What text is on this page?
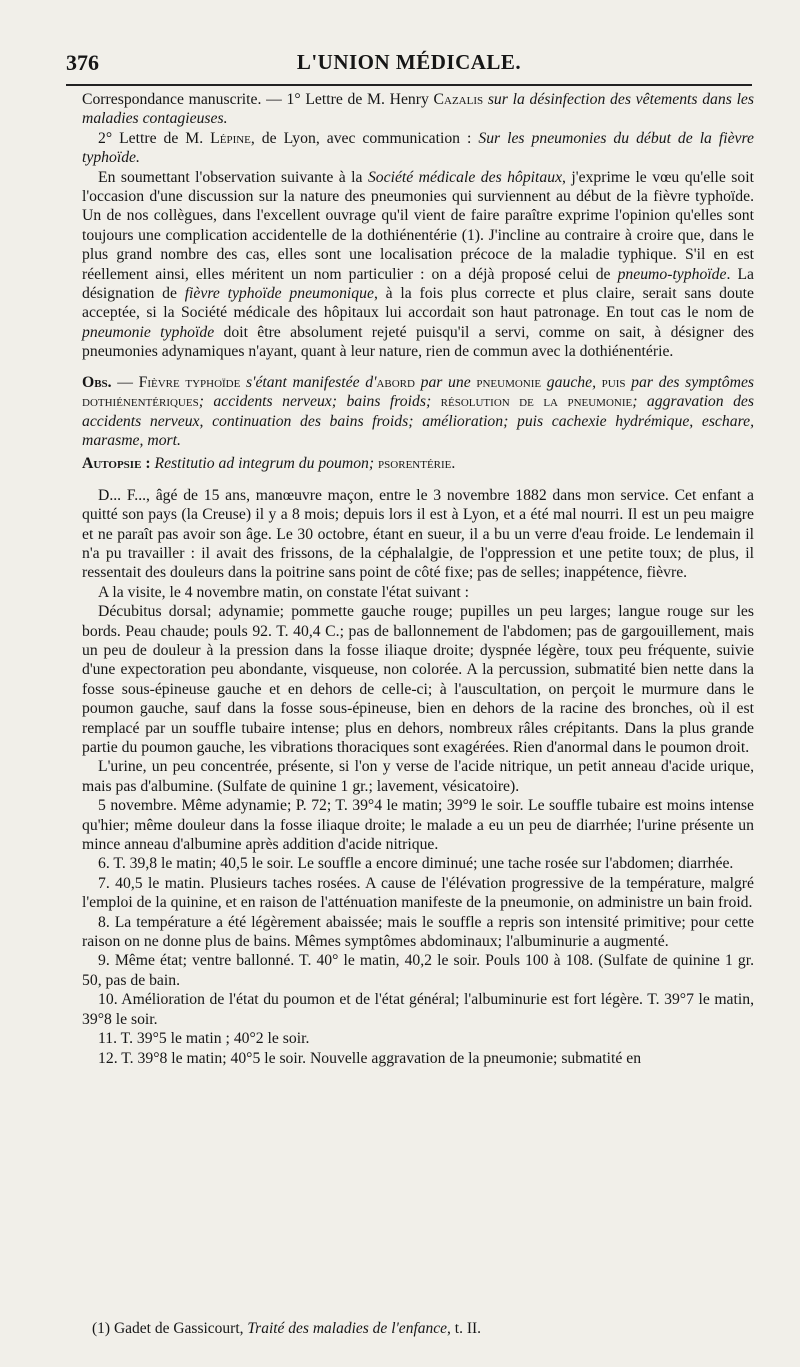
376	L'UNION MÉDICALE.

Correspondance manuscrite. — 1° Lettre de M. Henry Cazalis sur la désinfection des vêtements dans les maladies contagieuses.

2° Lettre de M. Lépine, de Lyon, avec communication : Sur les pneumonies du début de la fièvre typhoïde.

En soumettant l'observation suivante à la Société médicale des hôpitaux, j'exprime le vœu qu'elle soit l'occasion d'une discussion sur la nature des pneumonies qui surviennent au début de la fièvre typhoïde. Un de nos collègues, dans l'excellent ouvrage qu'il vient de faire paraître exprime l'opinion qu'elles sont toujours une complication accidentelle de la dothiénentérie (1). J'incline au contraire à croire que, dans le plus grand nombre des cas, elles sont une localisation précoce de la maladie typhique. S'il en est réellement ainsi, elles méritent un nom particulier : on a déjà proposé celui de pneumo-typhoïde. La désignation de fièvre typhoïde pneumonique, à la fois plus correcte et plus claire, serait sans doute acceptée, si la Société médicale des hôpitaux lui accordait son haut patronage. En tout cas le nom de pneumonie typhoïde doit être absolument rejeté puisqu'il a servi, comme on sait, à désigner des pneumonies adynamiques n'ayant, quant à leur nature, rien de commun avec la dothiénentérie.

Obs. — Fièvre typhoïde s'étant manifestée d'abord par une pneumonie gauche, puis par des symptômes dothiénentériques; accidents nerveux; bains froids; résolution de la pneumonie; aggravation des accidents nerveux, continuation des bains froids; amélioration; puis cachexie hydrémique, eschare, marasme, mort.

Autopsie : Restitutio ad integrum du poumon; psorentérie.

D... F..., âgé de 15 ans, manœuvre maçon, entre le 3 novembre 1882 dans mon service. Cet enfant a quitté son pays (la Creuse) il y a 8 mois; depuis lors il est à Lyon, et a été mal nourri. Il est un peu maigre et ne paraît pas avoir son âge. Le 30 octobre, étant en sueur, il a bu un verre d'eau froide. Le lendemain il n'a pu travailler : il avait des frissons, de la céphalalgie, de l'oppression et une petite toux; de plus, il ressentait des douleurs dans la poitrine sans point de côté fixe; pas de selles; inappétence, fièvre.

A la visite, le 4 novembre matin, on constate l'état suivant :

Décubitus dorsal; adynamie; pommette gauche rouge; pupilles un peu larges; langue rouge sur les bords. Peau chaude; pouls 92. T. 40,4 C.; pas de ballonnement de l'abdomen; pas de gargouillement, mais un peu de douleur à la pression dans la fosse iliaque droite; dyspnée légère, toux peu fréquente, suivie d'une expectoration peu abondante, visqueuse, non colorée. A la percussion, submatité bien nette dans la fosse sous-épineuse gauche et en dehors de celle-ci; à l'auscultation, on perçoit le murmure dans le poumon gauche, sauf dans la fosse sous-épineuse, bien en dehors de la racine des bronches, où il est remplacé par un souffle tubaire intense; plus en dehors, nombreux râles crépitants. Dans la plus grande partie du poumon gauche, les vibrations thoraciques sont exagérées. Rien d'anormal dans le poumon droit.

L'urine, un peu concentrée, présente, si l'on y verse de l'acide nitrique, un petit anneau d'acide urique, mais pas d'albumine. (Sulfate de quinine 1 gr.; lavement, vésicatoire).

5 novembre. Même adynamie; P. 72; T. 39°4 le matin; 39°9 le soir. Le souffle tubaire est moins intense qu'hier; même douleur dans la fosse iliaque droite; le malade a eu un peu de diarrhée; l'urine présente un mince anneau d'albumine après addition d'acide nitrique.

6. T. 39,8 le matin; 40,5 le soir. Le souffle a encore diminué; une tache rosée sur l'abdomen; diarrhée.

7. 40,5 le matin. Plusieurs taches rosées. A cause de l'élévation progressive de la température, malgré l'emploi de la quinine, et en raison de l'atténuation manifeste de la pneumonie, on administre un bain froid.

8. La température a été légèrement abaissée; mais le souffle a repris son intensité primitive; pour cette raison on ne donne plus de bains. Mêmes symptômes abdominaux; l'albuminurie a augmenté.

9. Même état; ventre ballonné. T. 40° le matin, 40,2 le soir. Pouls 100 à 108. (Sulfate de quinine 1 gr. 50, pas de bain.

10. Amélioration de l'état du poumon et de l'état général; l'albuminurie est fort légère. T. 39°7 le matin, 39°8 le soir.

11. T. 39°5 le matin ; 40°2 le soir.

12. T. 39°8 le matin; 40°5 le soir. Nouvelle aggravation de la pneumonie; submatité en

(1) Gadet de Gassicourt, Traité des maladies de l'enfance, t. II.
